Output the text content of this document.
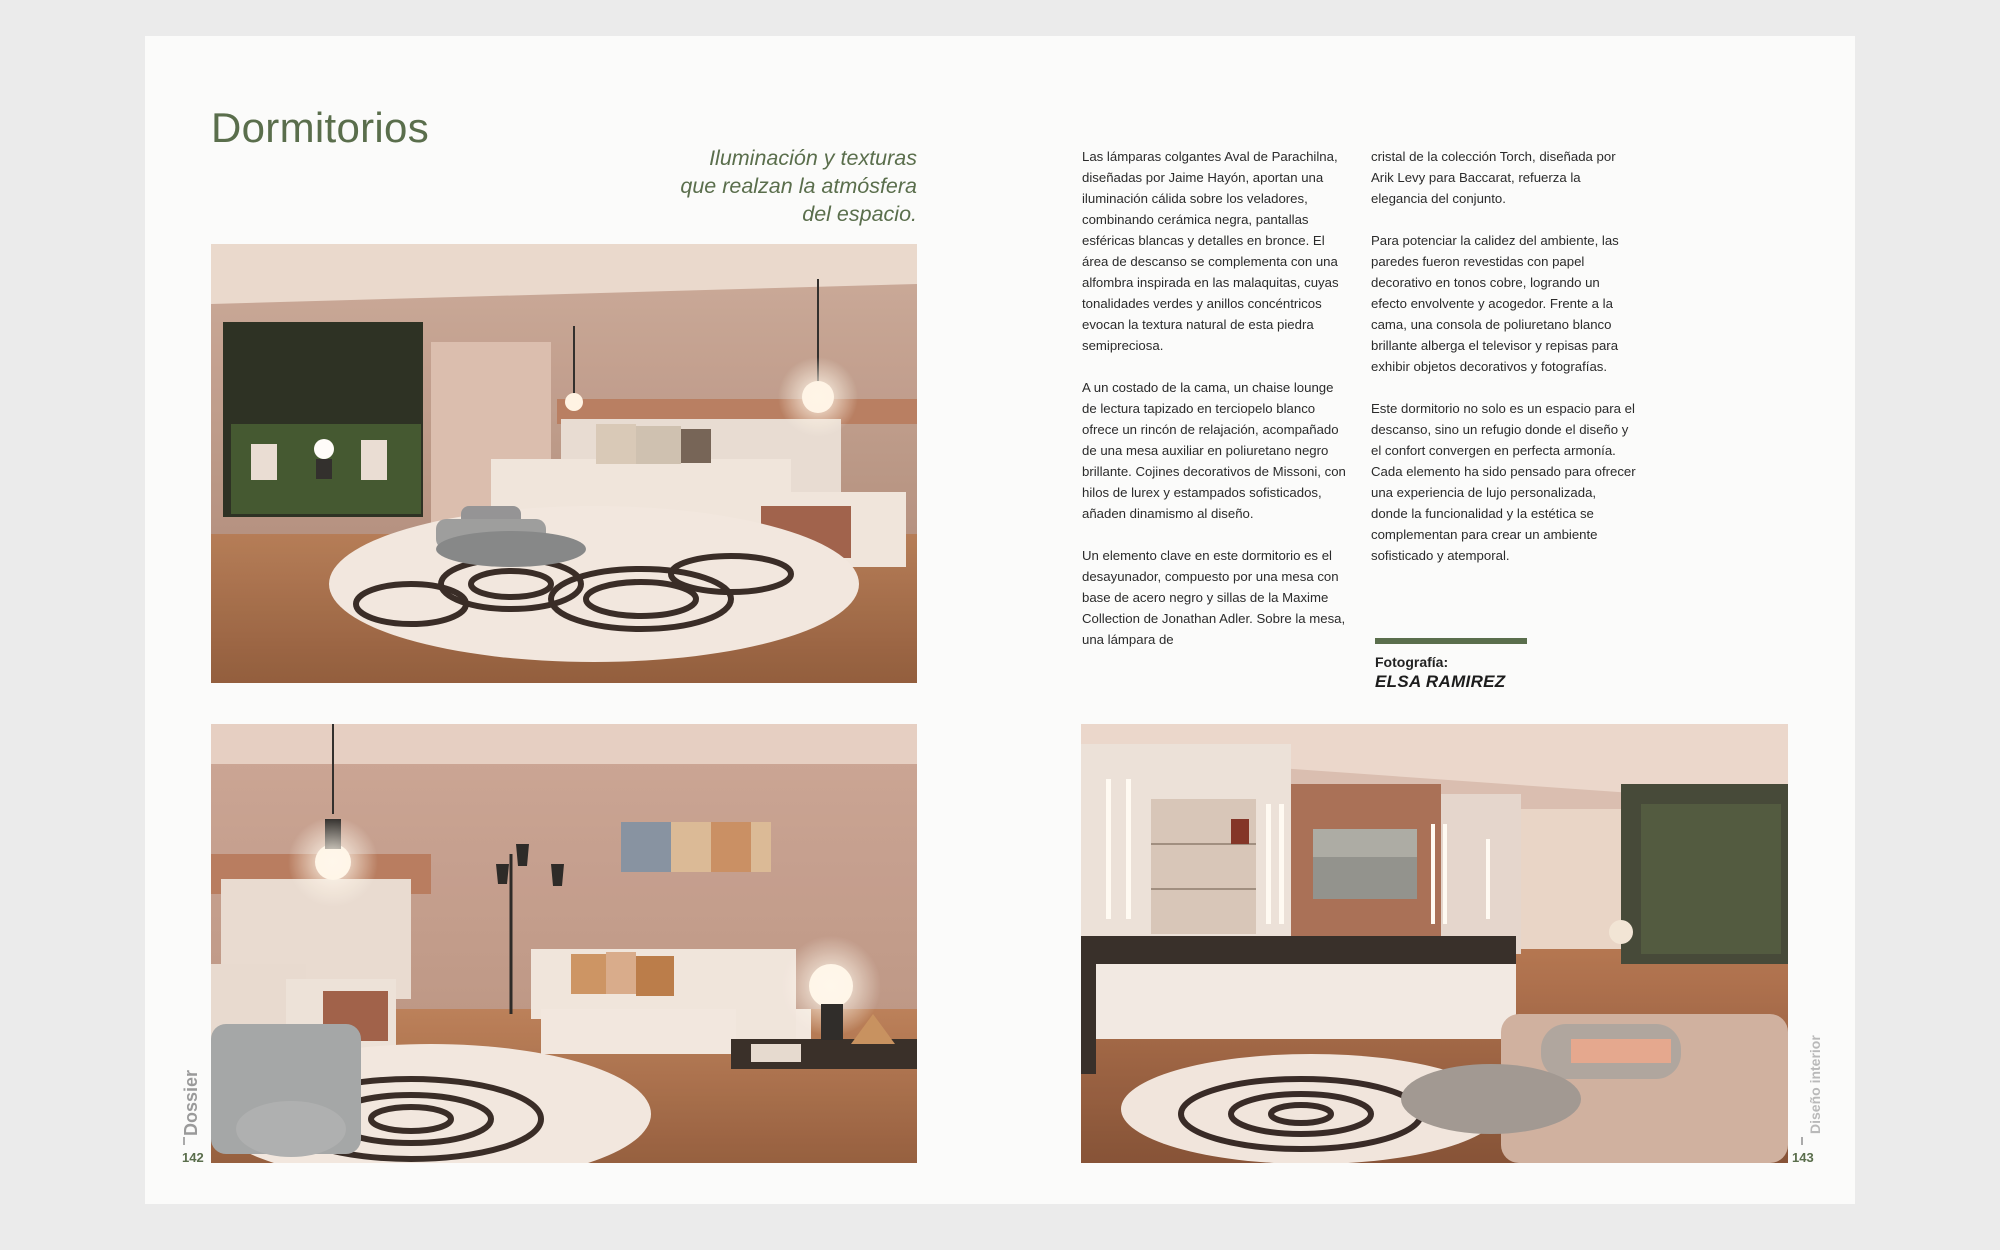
Dormitorios
Iluminación y texturas
que realzan la atmósfera
del espacio.

Las lámparas colgantes Aval de Parachilna, diseñadas por Jaime Hayón, aportan una iluminación cálida sobre los veladores, combinando cerámica negra, pantallas esféricas blancas y detalles en bronce. El área de descanso se complementa con una alfombra inspirada en las malaquitas, cuyas tonalidades verdes y anillos concéntricos evocan la textura natural de esta piedra semipreciosa.

A un costado de la cama, un chaise lounge de lectura tapizado en terciopelo blanco ofrece un rincón de relajación, acompañado de una mesa auxiliar en poliuretano negro brillante. Cojines decorativos de Missoni, con hilos de lurex y estampados sofisticados, añaden dinamismo al diseño.

Un elemento clave en este dormitorio es el desayunador, compuesto por una mesa con base de acero negro y sillas de la Maxime Collection de Jonathan Adler. Sobre la mesa, una lámpara de

cristal de la colección Torch, diseñada por Arik Levy para Baccarat, refuerza la elegancia del conjunto.

Para potenciar la calidez del ambiente, las paredes fueron revestidas con papel decorativo en tonos cobre, logrando un efecto envolvente y acogedor. Frente a la cama, una consola de poliuretano blanco brillante alberga el televisor y repisas para exhibir objetos decorativos y fotografías.

Este dormitorio no solo es un espacio para el descanso, sino un refugio donde el diseño y el confort convergen en perfecta armonía. Cada elemento ha sido pensado para ofrecer una experiencia de lujo personalizada, donde la funcionalidad y la estética se complementan para crear un ambiente sofisticado y atemporal.

Fotografía:
ELSA RAMIREZ
Dossier
142
Diseño interior
143
